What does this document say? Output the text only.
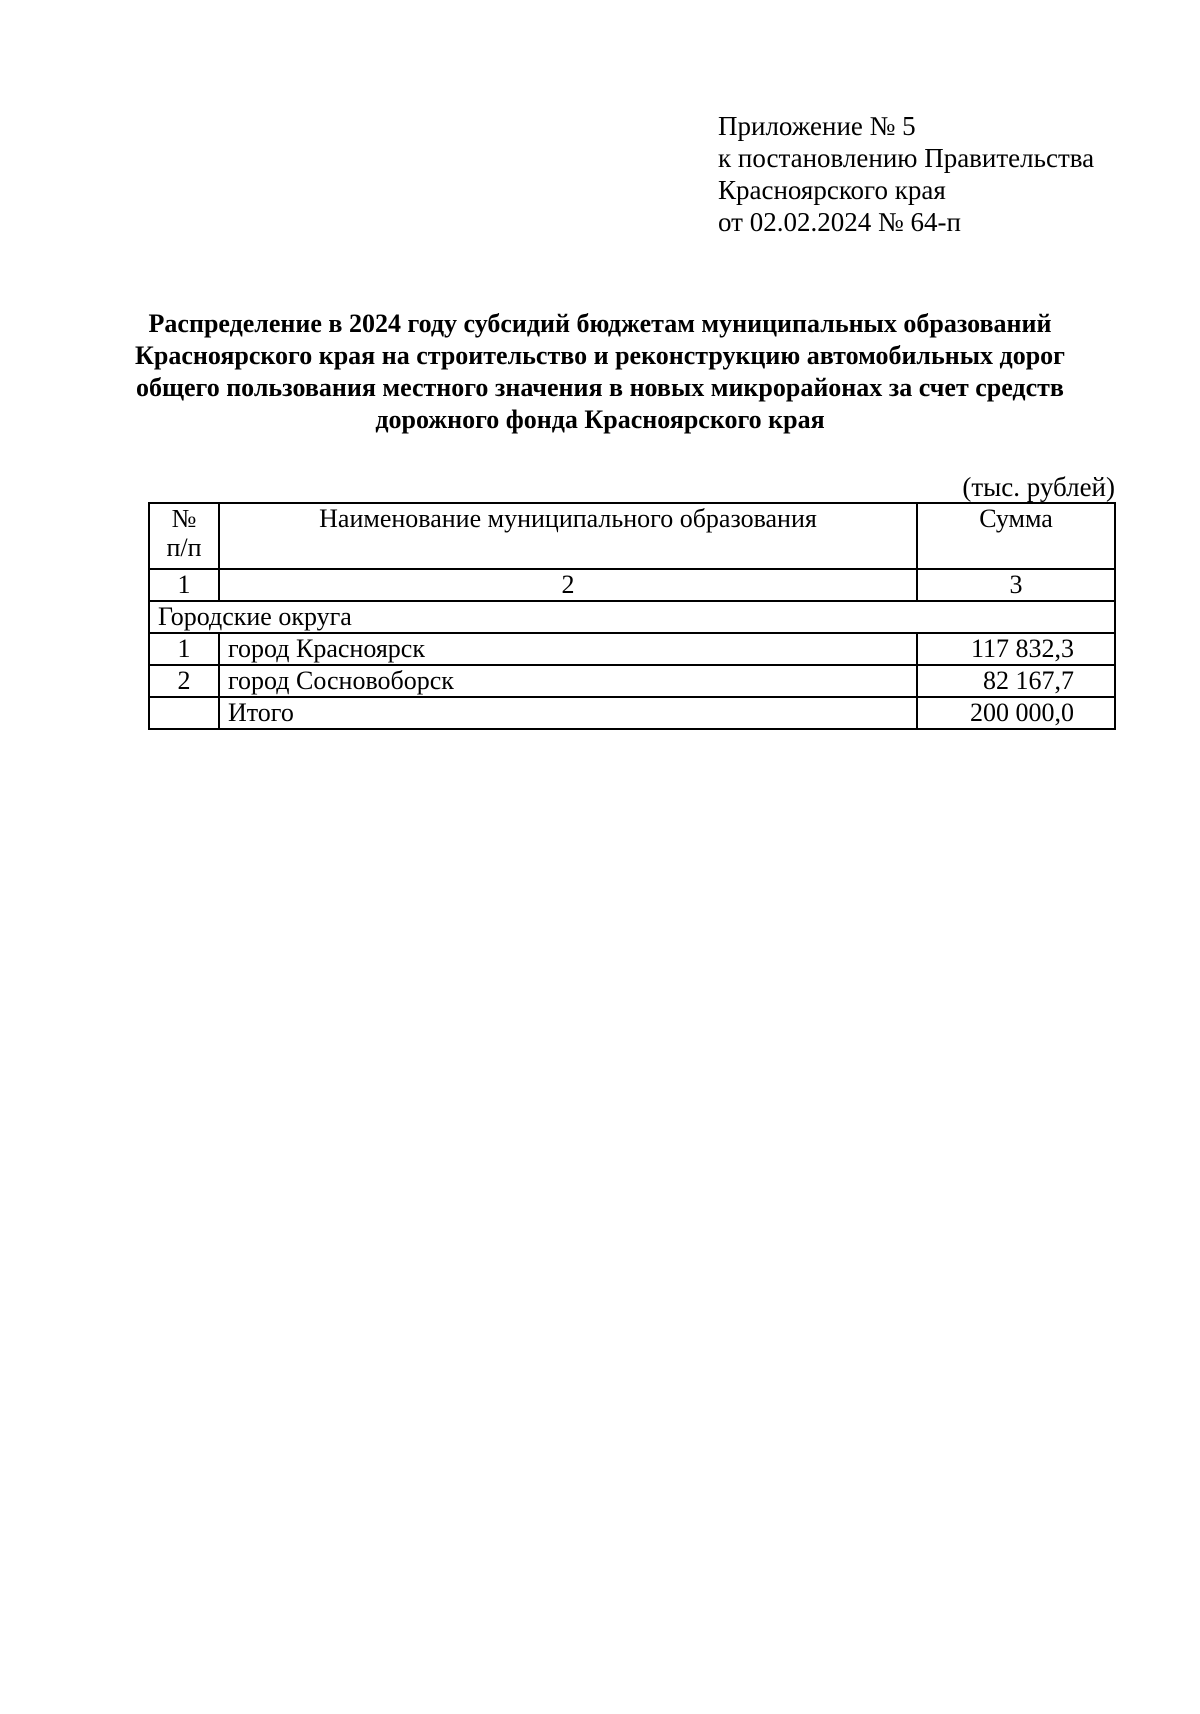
Приложение № 5
к постановлению Правительства
Красноярского края
от 02.02.2024 № 64-п
Распределение в 2024 году субсидий бюджетам муниципальных образований Красноярского края на строительство и реконструкцию автомобильных дорог общего пользования местного значения в новых микрорайонах за счет средств дорожного фонда Красноярского края
(тыс. рублей)
№ п/п	Наименование муниципального образования	Сумма
1	2	3
Городские округа		
1	город Красноярск	117 832,3
2	город Сосновоборск	82 167,7
	Итого	200 000,0
